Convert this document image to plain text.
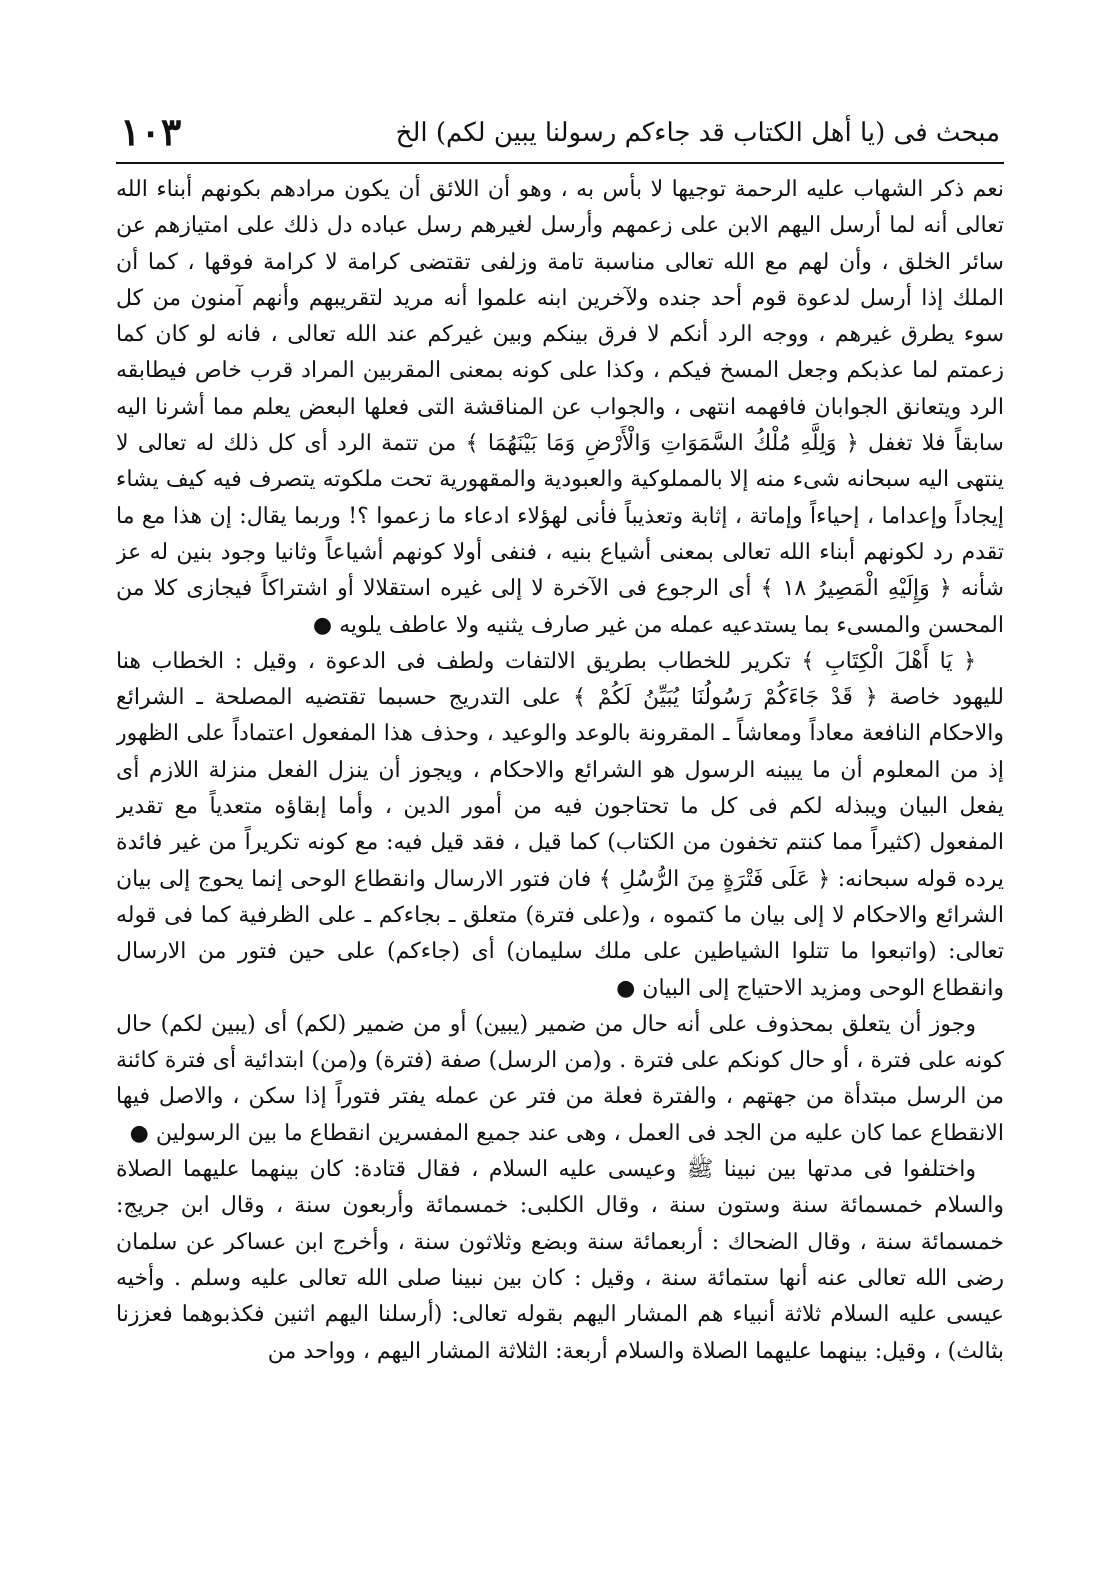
مبحث فى (يا أهل الكتاب قد جاءكم رسولنا يبين لكم) الخ
١٠٣

نعم ذكر الشهاب عليه الرحمة توجيها لا بأس به ، وهو أن اللائق أن يكون مرادهم بكونهم أبناء الله تعالى أنه لما أرسل اليهم الابن على زعمهم وأرسل لغيرهم رسل عباده دل ذلك على امتيازهم عن سائر الخلق ، وأن لهم مع الله تعالى مناسبة تامة وزلفى تقتضى كرامة لا كرامة فوقها ، كما أن الملك إذا أرسل لدعوة قوم أحد جنده ولآخرين ابنه علموا أنه مريد لتقريبهم وأنهم آمنون من كل سوء يطرق غيرهم ، ووجه الرد أنكم لا فرق بينكم وبين غيركم عند الله تعالى ، فانه لو كان كما زعمتم لما عذبكم وجعل المسخ فيكم ، وكذا على كونه بمعنى المقربين المراد قرب خاص فيطابقه الرد ويتعانق الجوابان فافهمه انتهى ، والجواب عن المناقشة التى فعلها البعض يعلم مما أشرنا اليه سابقاً فلا تغفل ﴿ وَلِلَّهِ مُلْكُ السَّمَوَاتِ وَالْأَرْضِ وَمَا بَيْنَهُمَا ﴾ من تتمة الرد أى كل ذلك له تعالى لا ينتهى اليه سبحانه شىء منه إلا بالمملوكية والعبودية والمقهورية تحت ملكوته يتصرف فيه كيف يشاء إيجاداً وإعداما ، إحياءاً وإماتة ، إثابة وتعذيباً فأنى لهؤلاء ادعاء ما زعموا ؟! وربما يقال: إن هذا مع ما تقدم رد لكونهم أبناء الله تعالى بمعنى أشياع بنيه ، فنفى أولا كونهم أشياعاً وثانيا وجود بنين له عز شأنه ﴿ وَإِلَيْهِ الْمَصِيرُ ١٨ ﴾ أى الرجوع فى الآخرة لا إلى غيره استقلالا أو اشتراكاً فيجازى كلا من المحسن والمسىء بما يستدعيه عمله من غير صارف يثنيه ولا عاطف يلويه ●

﴿ يَا أَهْلَ الْكِتَابِ ﴾ تكرير للخطاب بطريق الالتفات ولطف فى الدعوة ، وقيل : الخطاب هنا لليهود خاصة ﴿ قَدْ جَاءَكُمْ رَسُولُنَا يُبَيِّنُ لَكُمْ ﴾ على التدريج حسبما تقتضيه المصلحة ـ الشرائع والاحكام النافعة معاداً ومعاشاً ـ المقرونة بالوعد والوعيد ، وحذف هذا المفعول اعتماداً على الظهور إذ من المعلوم أن ما يبينه الرسول هو الشرائع والاحكام ، ويجوز أن ينزل الفعل منزلة اللازم أى يفعل البيان ويبذله لكم فى كل ما تحتاجون فيه من أمور الدين ، وأما إبقاؤه متعدياً مع تقدير المفعول (كثيراً مما كنتم تخفون من الكتاب) كما قيل ، فقد قيل فيه: مع كونه تكريراً من غير فائدة يرده قوله سبحانه: ﴿ عَلَى فَتْرَةٍ مِنَ الرُّسُلِ ﴾ فان فتور الارسال وانقطاع الوحى إنما يحوج إلى بيان الشرائع والاحكام لا إلى بيان ما كتموه ، و(على فترة) متعلق ـ بجاءكم ـ على الظرفية كما فى قوله تعالى: (واتبعوا ما تتلوا الشياطين على ملك سليمان) أى (جاءكم) على حين فتور من الارسال وانقطاع الوحى ومزيد الاحتياج إلى البيان ●

وجوز أن يتعلق بمحذوف على أنه حال من ضمير (يبين) أو من ضمير (لكم) أى (يبين لكم) حال كونه على فترة ، أو حال كونكم على فترة . و(من الرسل) صفة (فترة) و(من) ابتدائية أى فترة كائنة من الرسل مبتدأة من جهتهم ، والفترة فعلة من فتر عن عمله يفتر فتوراً إذا سكن ، والاصل فيها الانقطاع عما كان عليه من الجد فى العمل ، وهى عند جميع المفسرين انقطاع ما بين الرسولين ●

واختلفوا فى مدتها بين نبينا ﷺ وعيسى عليه السلام ، فقال قتادة: كان بينهما عليهما الصلاة والسلام خمسمائة سنة وستون سنة ، وقال الكلبى: خمسمائة وأربعون سنة ، وقال ابن جريج: خمسمائة سنة ، وقال الضحاك : أربعمائة سنة وبضع وثلاثون سنة ، وأخرج ابن عساكر عن سلمان رضى الله تعالى عنه أنها ستمائة سنة ، وقيل : كان بين نبينا صلى الله تعالى عليه وسلم . وأخيه عيسى عليه السلام ثلاثة أنبياء هم المشار اليهم بقوله تعالى: (أرسلنا اليهم اثنين فكذبوهما فعززنا بثالث) ، وقيل: بينهما عليهما الصلاة والسلام أربعة: الثلاثة المشار اليهم ، وواحد من
